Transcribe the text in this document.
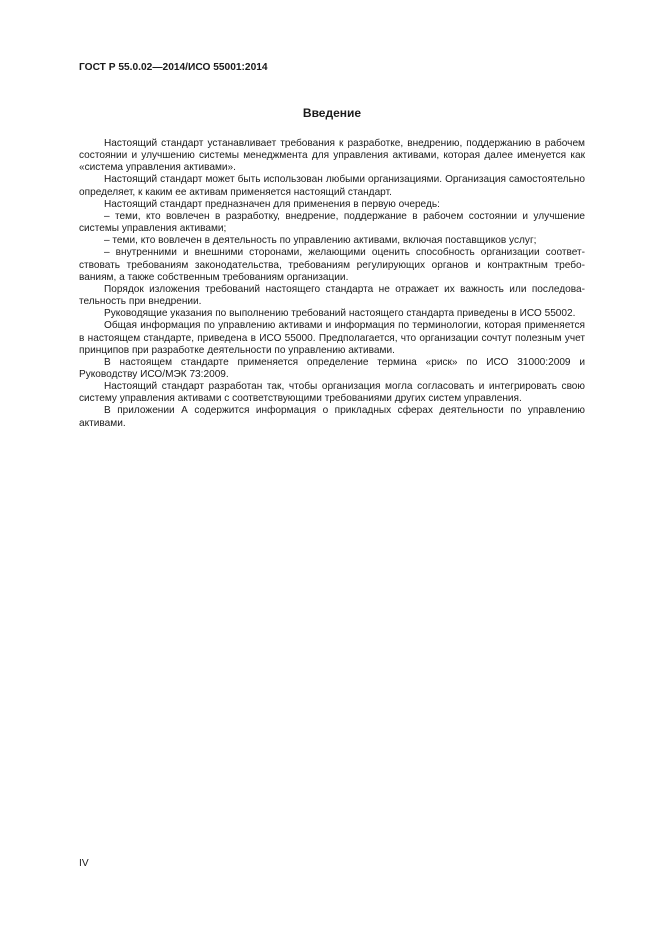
ГОСТ Р 55.0.02—2014/ИСО 55001:2014
Введение

Настоящий стандарт устанавливает требования к разработке, внедрению, поддержанию в рабочем состоянии и улучшению системы менеджмента для управления активами, которая далее именуется как «система управления активами».

Настоящий стандарт может быть использован любыми организациями. Организация самостоятельно определяет, к каким ее активам применяется настоящий стандарт.

Настоящий стандарт предназначен для применения в первую очередь:

– теми, кто вовлечен в разработку, внедрение, поддержание в рабочем состоянии и улучшение системы управления активами;

– теми, кто вовлечен в деятельность по управлению активами, включая поставщиков услуг;

– внутренними и внешними сторонами, желающими оценить способность организации соответствовать требованиям законодательства, требованиям регулирующих органов и контрактным требованиям, а также собственным требованиям организации.

Порядок изложения требований настоящего стандарта не отражает их важность или последовательность при внедрении.

Руководящие указания по выполнению требований настоящего стандарта приведены в ИСО 55002.

Общая информация по управлению активами и информация по терминологии, которая применяется в настоящем стандарте, приведена в ИСО 55000. Предполагается, что организации сочтут полезным учет принципов при разработке деятельности по управлению активами.

В настоящем стандарте применяется определение термина «риск» по ИСО 31000:2009 и Руководству ИСО/МЭК 73:2009.

Настоящий стандарт разработан так, чтобы организация могла согласовать и интегрировать свою систему управления активами с соответствующими требованиями других систем управления.

В приложении А содержится информация о прикладных сферах деятельности по управлению активами.

IV
